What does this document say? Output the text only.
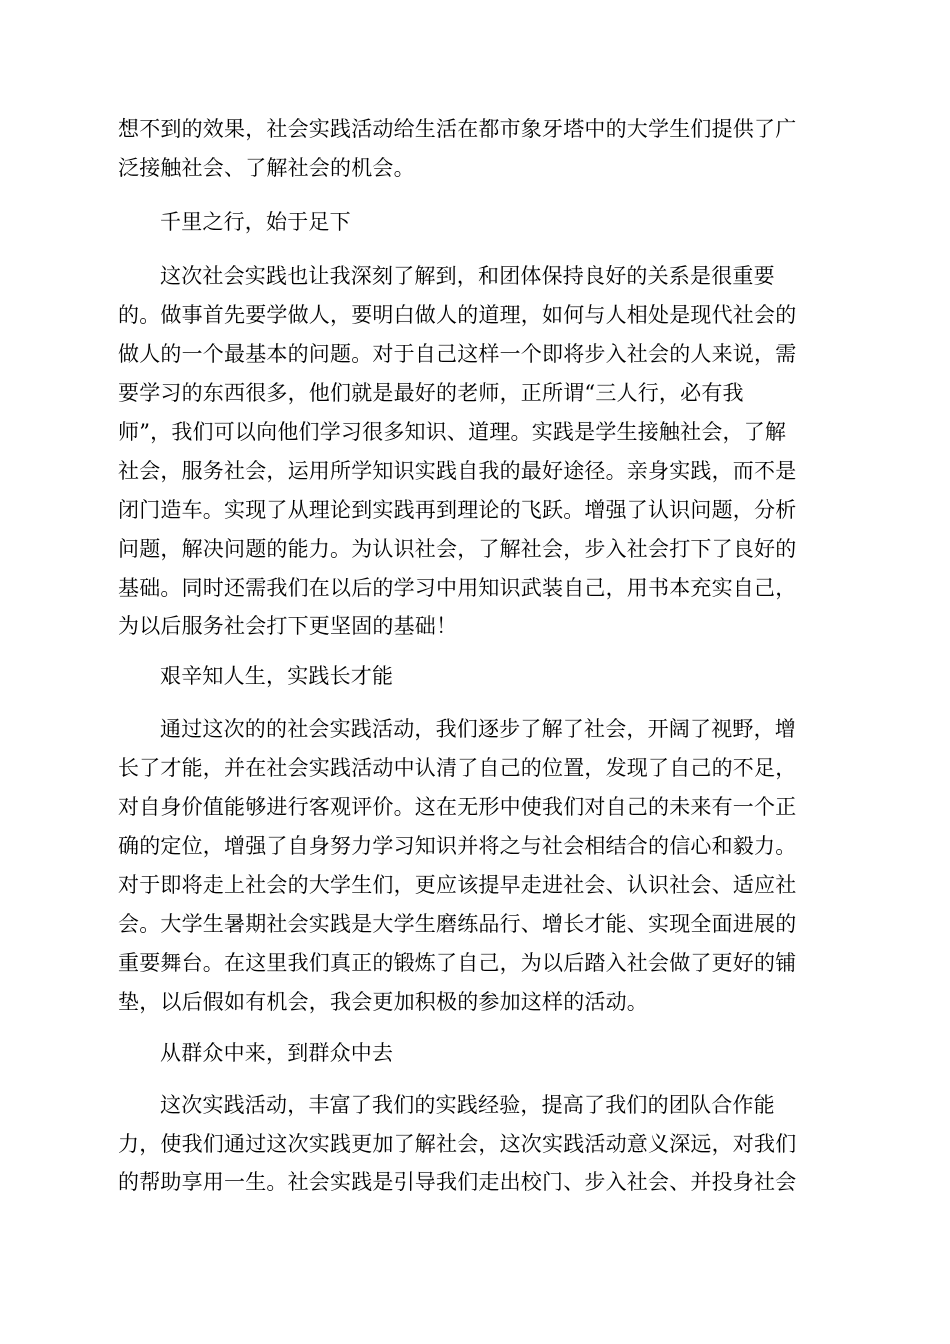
想不到的效果，社会实践活动给生活在都市象牙塔中的大学生们提供了广
泛接触社会、了解社会的机会。
千里之行，始于足下
这次社会实践也让我深刻了解到，和团体保持良好的关系是很重要
的。做事首先要学做人，要明白做人的道理，如何与人相处是现代社会的
做人的一个最基本的问题。对于自己这样一个即将步入社会的人来说，需
要学习的东西很多，他们就是最好的老师，正所谓“三人行，必有我
师”，我们可以向他们学习很多知识、道理。实践是学生接触社会，了解
社会，服务社会，运用所学知识实践自我的最好途径。亲身实践，而不是
闭门造车。实现了从理论到实践再到理论的飞跃。增强了认识问题，分析
问题，解决问题的能力。为认识社会，了解社会，步入社会打下了良好的
基础。同时还需我们在以后的学习中用知识武装自己，用书本充实自己，
为以后服务社会打下更坚固的基础！
艰辛知人生，实践长才能
通过这次的的社会实践活动，我们逐步了解了社会，开阔了视野，增
长了才能，并在社会实践活动中认清了自己的位置，发现了自己的不足，
对自身价值能够进行客观评价。这在无形中使我们对自己的未来有一个正
确的定位，增强了自身努力学习知识并将之与社会相结合的信心和毅力。
对于即将走上社会的大学生们，更应该提早走进社会、认识社会、适应社
会。大学生暑期社会实践是大学生磨练品行、增长才能、实现全面进展的
重要舞台。在这里我们真正的锻炼了自己，为以后踏入社会做了更好的铺
垫，以后假如有机会，我会更加积极的参加这样的活动。
从群众中来，到群众中去
这次实践活动，丰富了我们的实践经验，提高了我们的团队合作能
力，使我们通过这次实践更加了解社会，这次实践活动意义深远，对我们
的帮助享用一生。社会实践是引导我们走出校门、步入社会、并投身社会
